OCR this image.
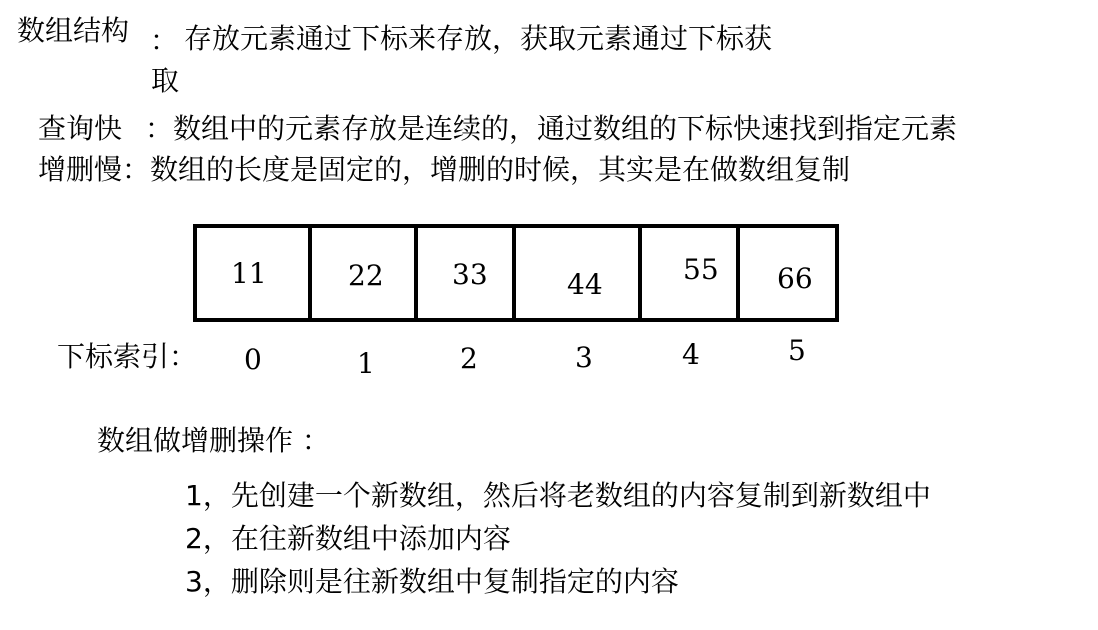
数组结构 ： 存放元素通过下标来存放，获取元素通过下标获
取
查询快 ：数组中的元素存放是连续的，通过数组的下标快速找到指定元素
增删慢 ：数组的长度是固定的，增删的时候，其实是在做数组复制
11	22 33	44	55 66
下标索引： 0	1	2	3	4	5
数组做增删操作 ：
1，先创建一个新数组，然后将老数组的内容复制到新数组中
2，在往新数组中添加内容
3，删除则是往新数组中复制指定的内容
